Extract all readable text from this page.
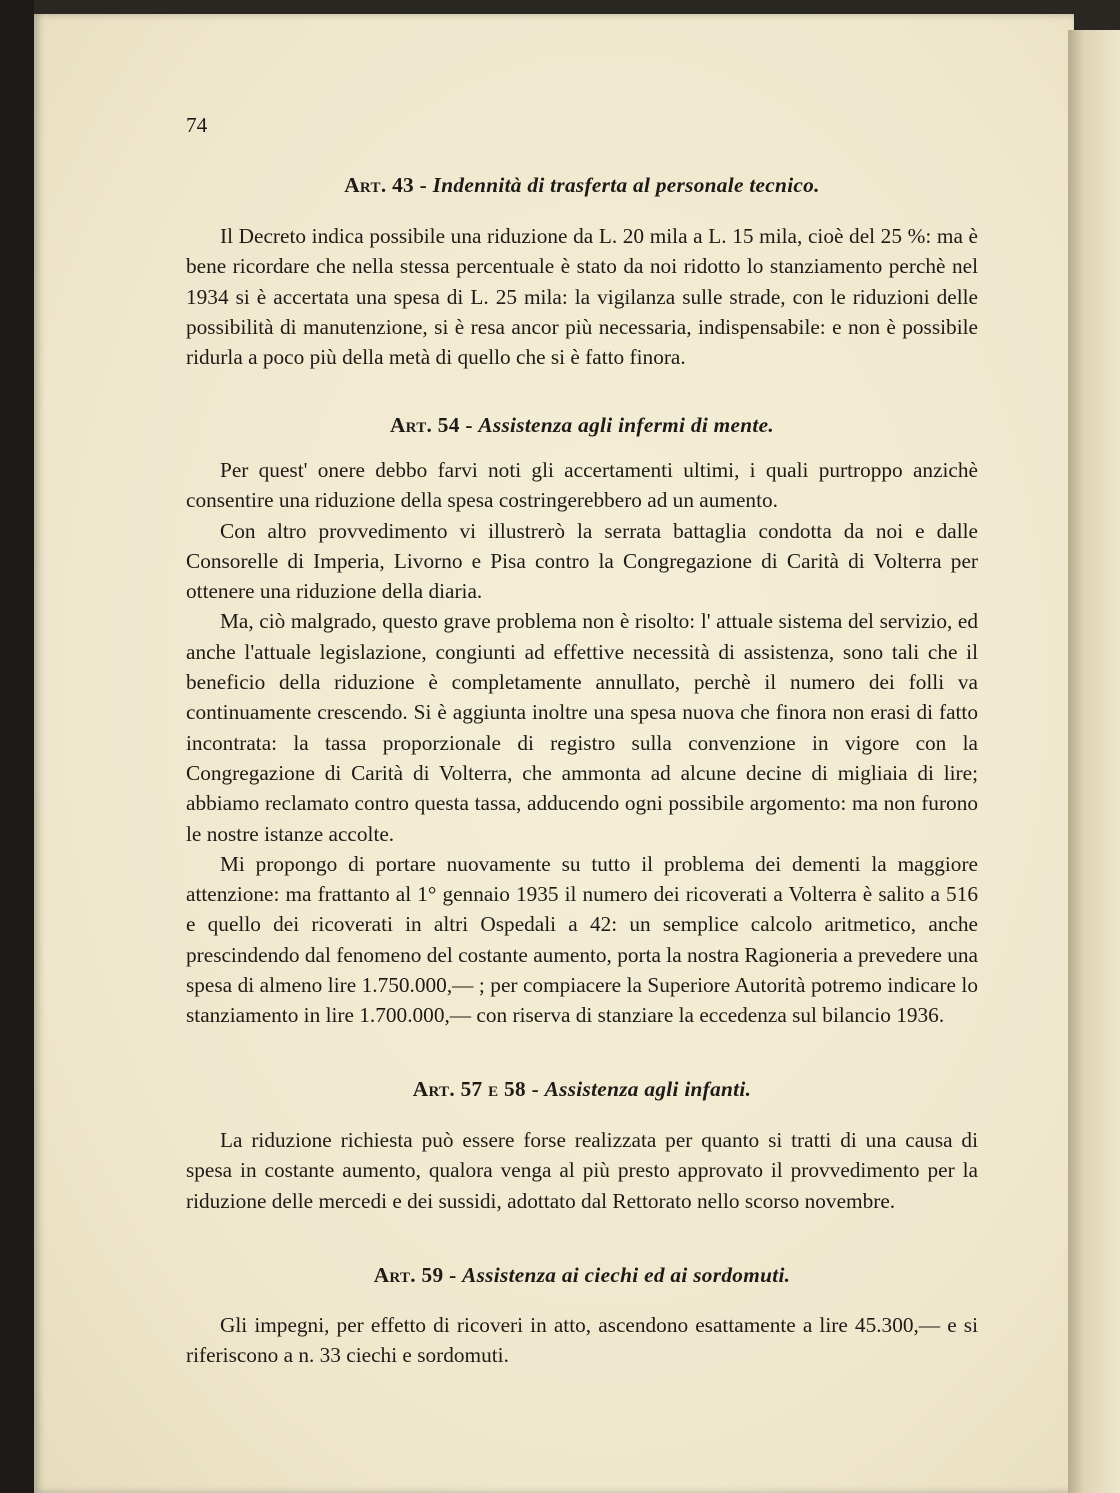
74
Art. 43 - Indennità di trasferta al personale tecnico.

Il Decreto indica possibile una riduzione da L. 20 mila a L. 15 mila, cioè del 25 %: ma è bene ricordare che nella stessa percentuale è stato da noi ridotto lo stanziamento perchè nel 1934 si è accertata una spesa di L. 25 mila: la vigilanza sulle strade, con le riduzioni delle possibilità di manutenzione, si è resa ancor più necessaria, indispensabile: e non è possibile ridurla a poco più della metà di quello che si è fatto finora.

Art. 54 - Assistenza agli infermi di mente.

Per quest' onere debbo farvi noti gli accertamenti ultimi, i quali purtroppo anzichè consentire una riduzione della spesa costringerebbero ad un aumento.

Con altro provvedimento vi illustrerò la serrata battaglia condotta da noi e dalle Consorelle di Imperia, Livorno e Pisa contro la Congregazione di Carità di Volterra per ottenere una riduzione della diaria.

Ma, ciò malgrado, questo grave problema non è risolto: l' attuale sistema del servizio, ed anche l'attuale legislazione, congiunti ad effettive necessità di assistenza, sono tali che il beneficio della riduzione è completamente annullato, perchè il numero dei folli va continuamente crescendo. Si è aggiunta inoltre una spesa nuova che finora non erasi di fatto incontrata: la tassa proporzionale di registro sulla convenzione in vigore con la Congregazione di Carità di Volterra, che ammonta ad alcune decine di migliaia di lire; abbiamo reclamato contro questa tassa, adducendo ogni possibile argomento: ma non furono le nostre istanze accolte.

Mi propongo di portare nuovamente su tutto il problema dei dementi la maggiore attenzione: ma frattanto al 1° gennaio 1935 il numero dei ricoverati a Volterra è salito a 516 e quello dei ricoverati in altri Ospedali a 42: un semplice calcolo aritmetico, anche prescindendo dal fenomeno del costante aumento, porta la nostra Ragioneria a prevedere una spesa di almeno lire 1.750.000,— ; per compiacere la Superiore Autorità potremo indicare lo stanziamento in lire 1.700.000,— con riserva di stanziare la eccedenza sul bilancio 1936.

Art. 57 e 58 - Assistenza agli infanti.

La riduzione richiesta può essere forse realizzata per quanto si tratti di una causa di spesa in costante aumento, qualora venga al più presto approvato il provvedimento per la riduzione delle mercedi e dei sussidi, adottato dal Rettorato nello scorso novembre.

Art. 59 - Assistenza ai ciechi ed ai sordomuti.

Gli impegni, per effetto di ricoveri in atto, ascendono esattamente a lire 45.300,— e si riferiscono a n. 33 ciechi e sordomuti.
